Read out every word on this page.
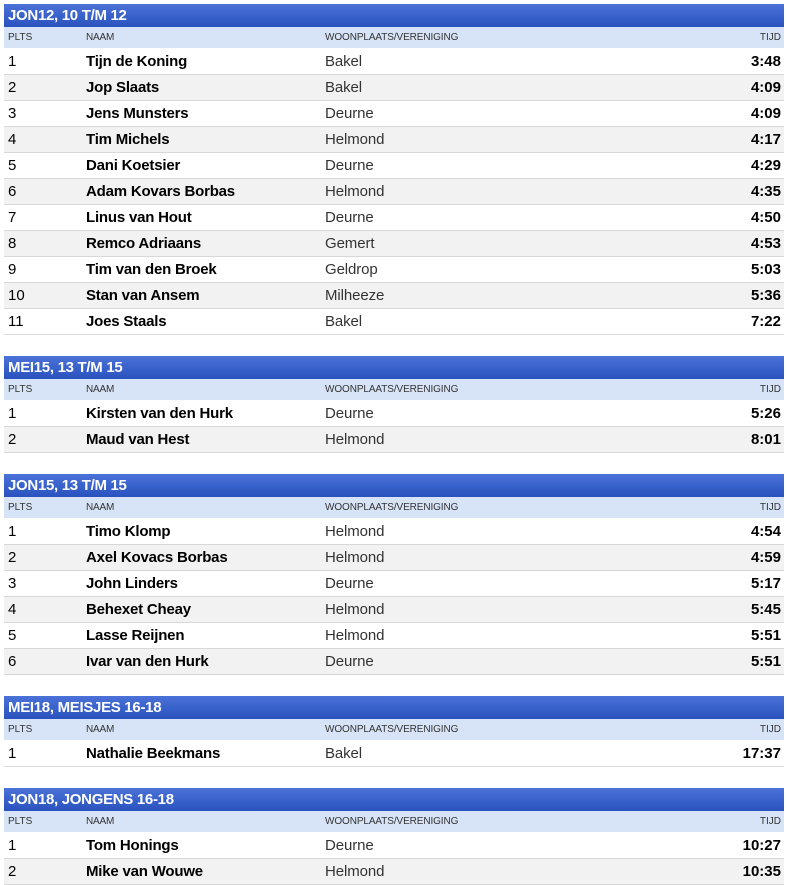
JON12, 10 T/M 12
PLTS	NAAM	WOONPLAATS/VERENIGING	TIJD
1	Tijn de Koning	Bakel	3:48
2	Jop Slaats	Bakel	4:09
3	Jens Munsters	Deurne	4:09
4	Tim Michels	Helmond	4:17
5	Dani Koetsier	Deurne	4:29
6	Adam Kovars Borbas	Helmond	4:35
7	Linus van Hout	Deurne	4:50
8	Remco Adriaans	Gemert	4:53
9	Tim van den Broek	Geldrop	5:03
10	Stan van Ansem	Milheeze	5:36
11	Joes Staals	Bakel	7:22
MEI15, 13 T/M 15
PLTS	NAAM	WOONPLAATS/VERENIGING	TIJD
1	Kirsten van den Hurk	Deurne	5:26
2	Maud van Hest	Helmond	8:01
JON15, 13 T/M 15
PLTS	NAAM	WOONPLAATS/VERENIGING	TIJD
1	Timo Klomp	Helmond	4:54
2	Axel Kovacs Borbas	Helmond	4:59
3	John Linders	Deurne	5:17
4	Behexet Cheay	Helmond	5:45
5	Lasse Reijnen	Helmond	5:51
6	Ivar van den Hurk	Deurne	5:51
MEI18, MEISJES 16-18
PLTS	NAAM	WOONPLAATS/VERENIGING	TIJD
1	Nathalie Beekmans	Bakel	17:37
JON18, JONGENS 16-18
PLTS	NAAM	WOONPLAATS/VERENIGING	TIJD
1	Tom Honings	Deurne	10:27
2	Mike van Wouwe	Helmond	10:35
